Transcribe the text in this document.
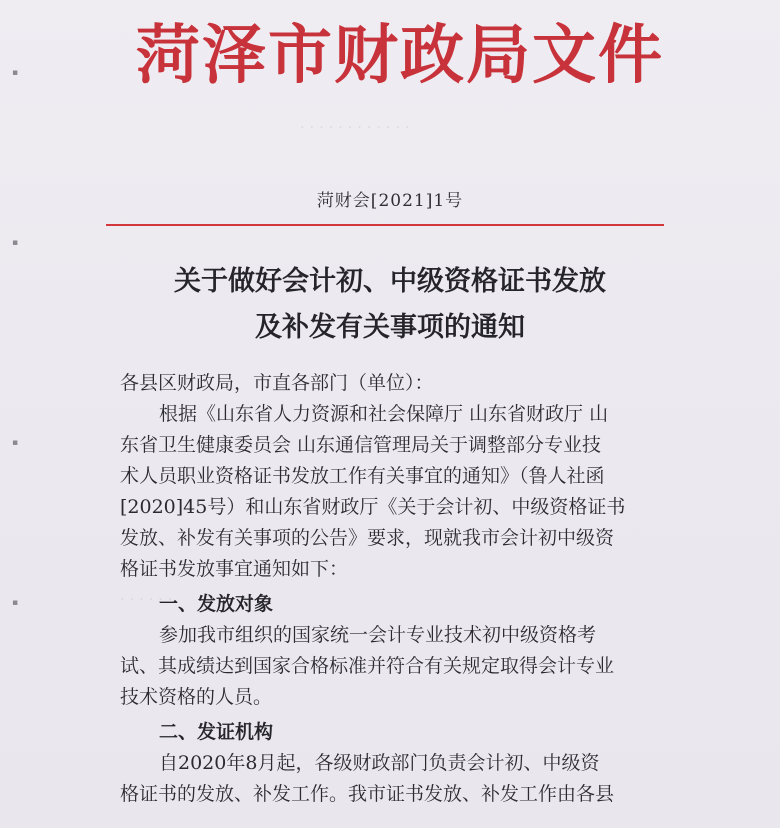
· · · · · · · · · · · ·
· · · · · ·
▪
▪
▪
▪
菏泽市财政局文件
菏财会[2021]1号
关于做好会计初、中级资格证书发放
及补发有关事项的通知
各县区财政局，市直各部门（单位）：
根据《山东省人力资源和社会保障厅 山东省财政厅 山
东省卫生健康委员会 山东通信管理局关于调整部分专业技
术人员职业资格证书发放工作有关事宜的通知》（鲁人社函
[2020]45号）和山东省财政厅《关于会计初、中级资格证书
发放、补发有关事项的公告》要求，现就我市会计初中级资
格证书发放事宜通知如下：
一、发放对象
参加我市组织的国家统一会计专业技术初中级资格考
试、其成绩达到国家合格标准并符合有关规定取得会计专业
技术资格的人员。
二、发证机构
自2020年8月起，各级财政部门负责会计初、中级资
格证书的发放、补发工作。我市证书发放、补发工作由各县
